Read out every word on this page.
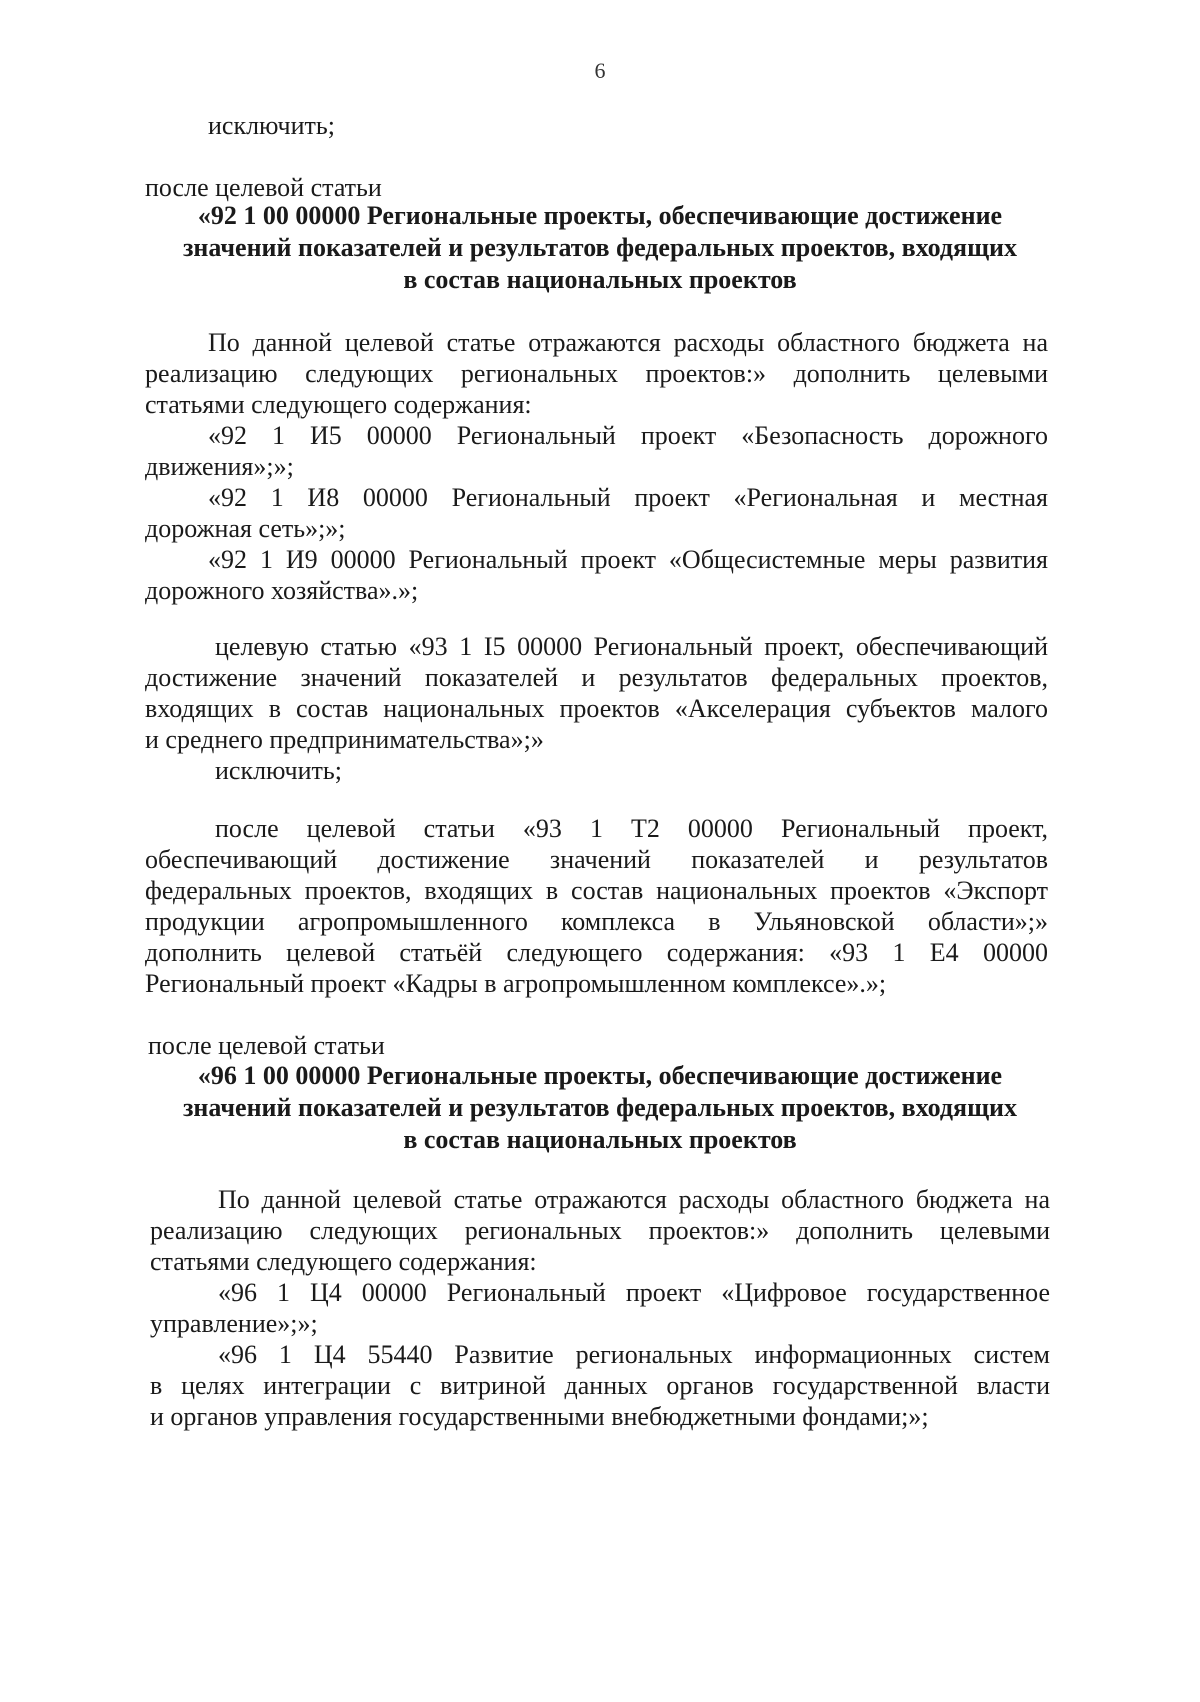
6
исключить;
после целевой статьи
«92 1 00 00000 Региональные проекты, обеспечивающие достижение
значений показателей и результатов федеральных проектов, входящих
в состав национальных проектов
По данной целевой статье отражаются расходы областного бюджета на
реализацию следующих региональных проектов:» дополнить целевыми
статьями следующего содержания:
«92 1 И5 00000 Региональный проект «Безопасность дорожного
движения»;»;
«92 1 И8 00000 Региональный проект «Региональная и местная
дорожная сеть»;»;
«92 1 И9 00000 Региональный проект «Общесистемные меры развития
дорожного хозяйства».»;
целевую статью «93 1 I5 00000 Региональный проект, обеспечивающий
достижение значений показателей и результатов федеральных проектов,
входящих в состав национальных проектов «Акселерация субъектов малого
и среднего предпринимательства»;»
исключить;
после целевой статьи «93 1 Т2 00000 Региональный проект,
обеспечивающий достижение значений показателей и результатов
федеральных проектов, входящих в состав национальных проектов «Экспорт
продукции агропромышленного комплекса в Ульяновской области»;»
дополнить целевой статьёй следующего содержания: «93 1 Е4 00000
Региональный проект «Кадры в агропромышленном комплексе».»;
после целевой статьи
«96 1 00 00000 Региональные проекты, обеспечивающие достижение
значений показателей и результатов федеральных проектов, входящих
в состав национальных проектов
По данной целевой статье отражаются расходы областного бюджета на
реализацию следующих региональных проектов:» дополнить целевыми
статьями следующего содержания:
«96 1 Ц4 00000 Региональный проект «Цифровое государственное
управление»;»;
«96 1 Ц4 55440 Развитие региональных информационных систем
в целях интеграции с витриной данных органов государственной власти
и органов управления государственными внебюджетными фондами;»;
